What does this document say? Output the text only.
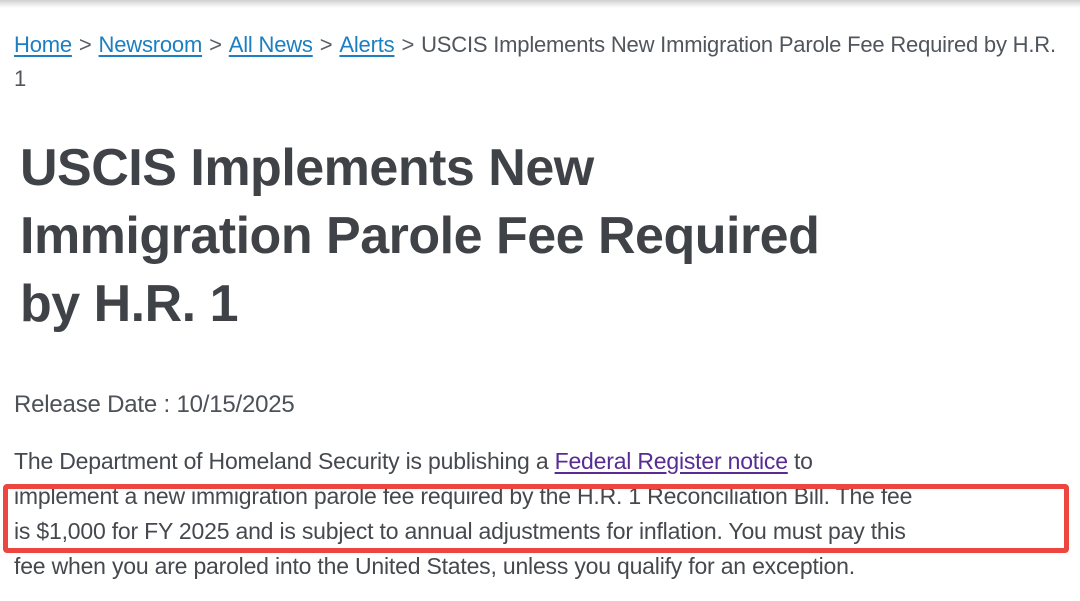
Home > Newsroom > All News > Alerts > USCIS Implements New Immigration Parole Fee Required by H.R. 1
USCIS Implements New
Immigration Parole Fee Required
by H.R. 1
Release Date : 10/15/2025

The Department of Homeland Security is publishing a Federal Register notice to
implement a new immigration parole fee required by the H.R. 1 Reconciliation Bill. The fee
is $1,000 for FY 2025 and is subject to annual adjustments for inflation. You must pay this
fee when you are paroled into the United States, unless you qualify for an exception.
